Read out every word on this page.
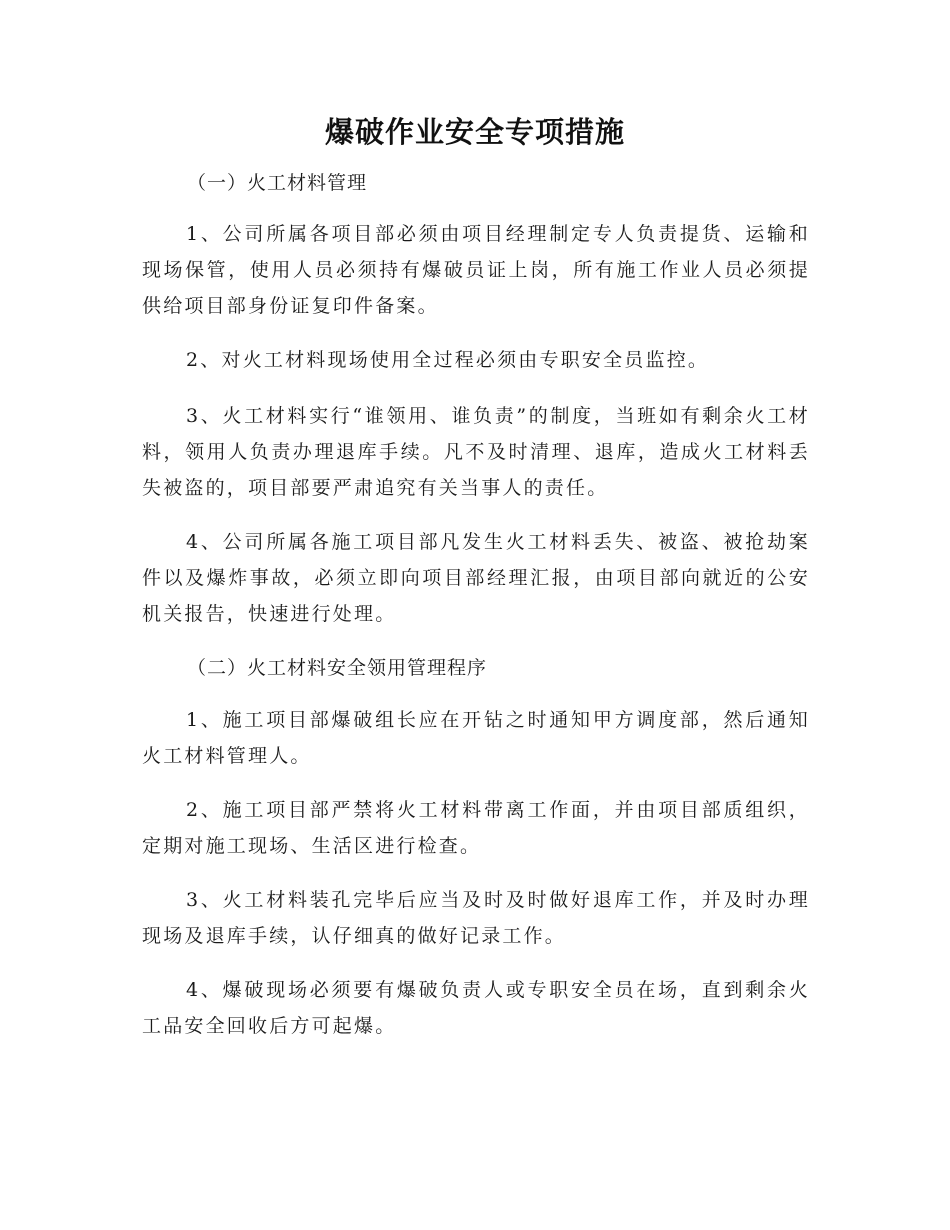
爆破作业安全专项措施
（一）火工材料管理
1、公司所属各项目部必须由项目经理制定专人负责提货、运输和现场保管，使用人员必须持有爆破员证上岗，所有施工作业人员必须提供给项目部身份证复印件备案。
2、对火工材料现场使用全过程必须由专职安全员监控。
3、火工材料实行“谁领用、谁负责”的制度，当班如有剩余火工材料，领用人负责办理退库手续。凡不及时清理、退库，造成火工材料丢失被盗的，项目部要严肃追究有关当事人的责任。
4、公司所属各施工项目部凡发生火工材料丢失、被盗、被抢劫案件以及爆炸事故，必须立即向项目部经理汇报，由项目部向就近的公安机关报告，快速进行处理。
（二）火工材料安全领用管理程序
1、施工项目部爆破组长应在开钻之时通知甲方调度部，然后通知火工材料管理人。
2、施工项目部严禁将火工材料带离工作面，并由项目部质组织，定期对施工现场、生活区进行检查。
3、火工材料装孔完毕后应当及时及时做好退库工作，并及时办理现场及退库手续，认仔细真的做好记录工作。
4、爆破现场必须要有爆破负责人或专职安全员在场，直到剩余火工品安全回收后方可起爆。
